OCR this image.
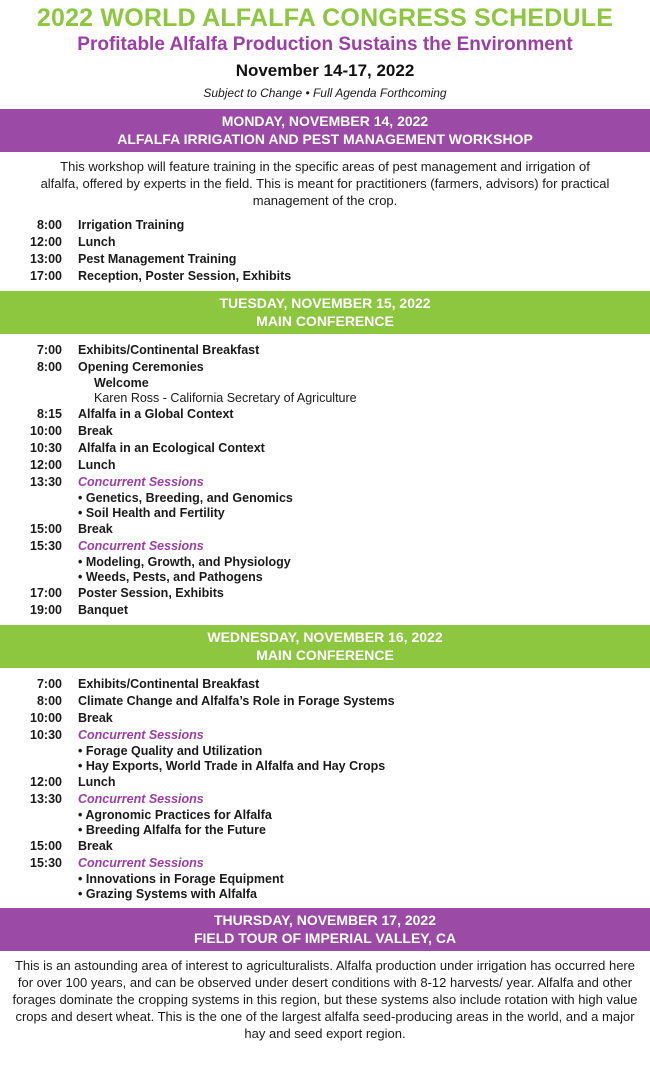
2022 WORLD ALFALFA CONGRESS SCHEDULE
Profitable Alfalfa Production Sustains the Environment
November 14-17, 2022
Subject to Change • Full Agenda Forthcoming
MONDAY, NOVEMBER 14, 2022
ALFALFA IRRIGATION AND PEST MANAGEMENT WORKSHOP
This workshop will feature training in the specific areas of pest management and irrigation of alfalfa, offered by experts in the field. This is meant for practitioners (farmers, advisors) for practical management of the crop.
8:00	Irrigation Training
12:00	Lunch
13:00	Pest Management Training
17:00	Reception, Poster Session, Exhibits
TUESDAY, NOVEMBER 15, 2022
MAIN CONFERENCE
7:00	Exhibits/Continental Breakfast
8:00	Opening Ceremonies
Welcome
Karen Ross - California Secretary of Agriculture
8:15	Alfalfa in a Global Context
10:00	Break
10:30	Alfalfa in an Ecological Context
12:00	Lunch
13:30	Concurrent Sessions
• Genetics, Breeding, and Genomics
• Soil Health and Fertility
15:00	Break
15:30	Concurrent Sessions
• Modeling, Growth, and Physiology
• Weeds, Pests, and Pathogens
17:00	Poster Session, Exhibits
19:00	Banquet
WEDNESDAY, NOVEMBER 16, 2022
MAIN CONFERENCE
7:00	Exhibits/Continental Breakfast
8:00	Climate Change and Alfalfa’s Role in Forage Systems
10:00	Break
10:30	Concurrent Sessions
• Forage Quality and Utilization
• Hay Exports, World Trade in Alfalfa and Hay Crops
12:00	Lunch
13:30	Concurrent Sessions
• Agronomic Practices for Alfalfa
• Breeding Alfalfa for the Future
15:00	Break
15:30	Concurrent Sessions
• Innovations in Forage Equipment
• Grazing Systems with Alfalfa
THURSDAY, NOVEMBER 17, 2022
FIELD TOUR OF IMPERIAL VALLEY, CA
This is an astounding area of interest to agriculturalists. Alfalfa production under irrigation has occurred here for over 100 years, and can be observed under desert conditions with 8-12 harvests/ year. Alfalfa and other forages dominate the cropping systems in this region, but these systems also include rotation with high value crops and desert wheat. This is the one of the largest alfalfa seed-producing areas in the world, and a major hay and seed export region.
